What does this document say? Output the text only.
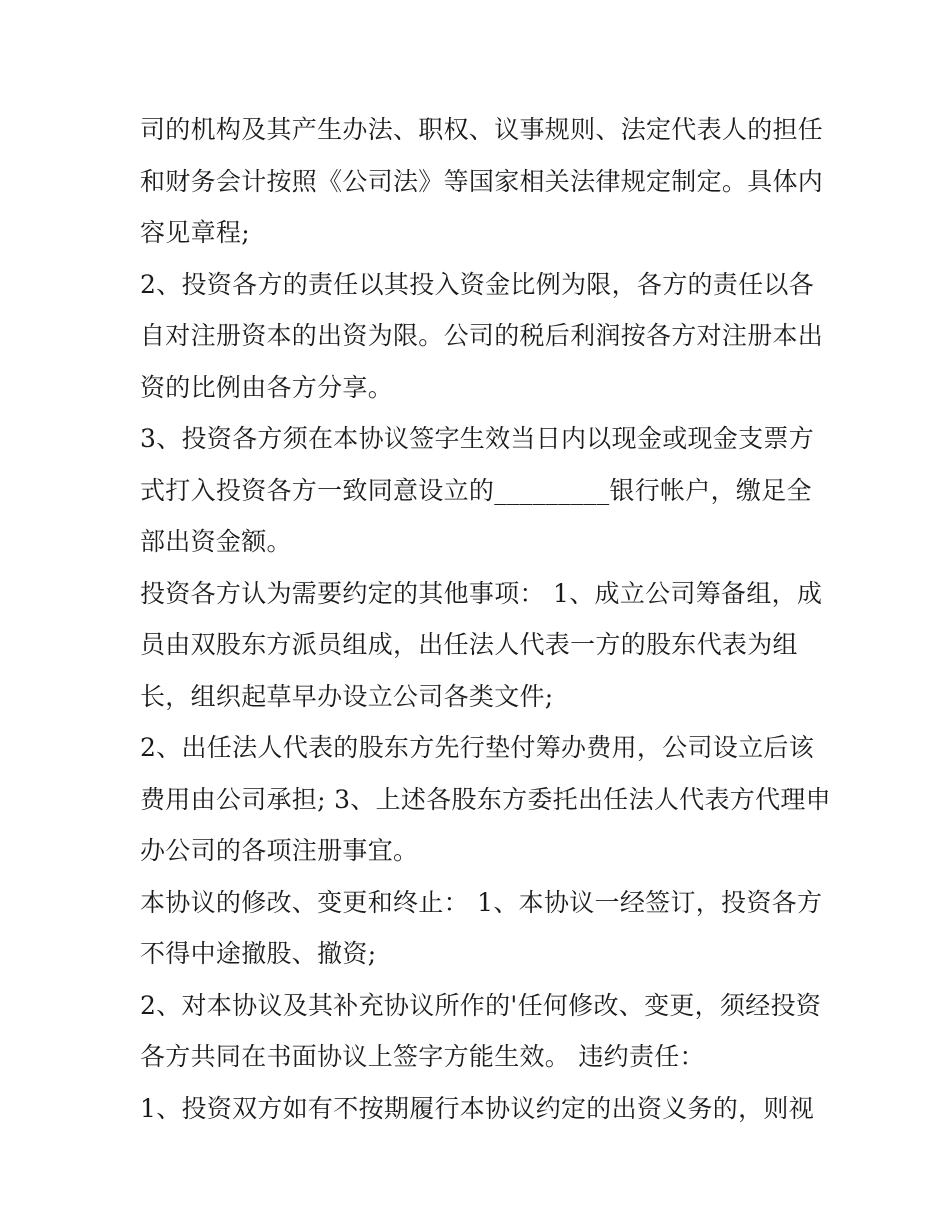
司的机构及其产生办法、职权、议事规则、法定代表人的担任
和财务会计按照《公司法》等国家相关法律规定制定。具体内
容见章程;
2、投资各方的责任以其投入资金比例为限，各方的责任以各
自对注册资本的出资为限。公司的税后利润按各方对注册本出
资的比例由各方分享。
3、投资各方须在本协议签字生效当日内以现金或现金支票方
式打入投资各方一致同意设立的_________银行帐户，缴足全
部出资金额。
投资各方认为需要约定的其他事项： 1、成立公司筹备组，成
员由双股东方派员组成，出任法人代表一方的股东代表为组
长，组织起草早办设立公司各类文件;
2、出任法人代表的股东方先行垫付筹办费用，公司设立后该
费用由公司承担; 3、上述各股东方委托出任法人代表方代理申
办公司的各项注册事宜。
本协议的修改、变更和终止： 1、本协议一经签订，投资各方
不得中途撤股、撤资;
2、对本协议及其补充协议所作的'任何修改、变更，须经投资
各方共同在书面协议上签字方能生效。 违约责任：
1、投资双方如有不按期履行本协议约定的出资义务的，则视
